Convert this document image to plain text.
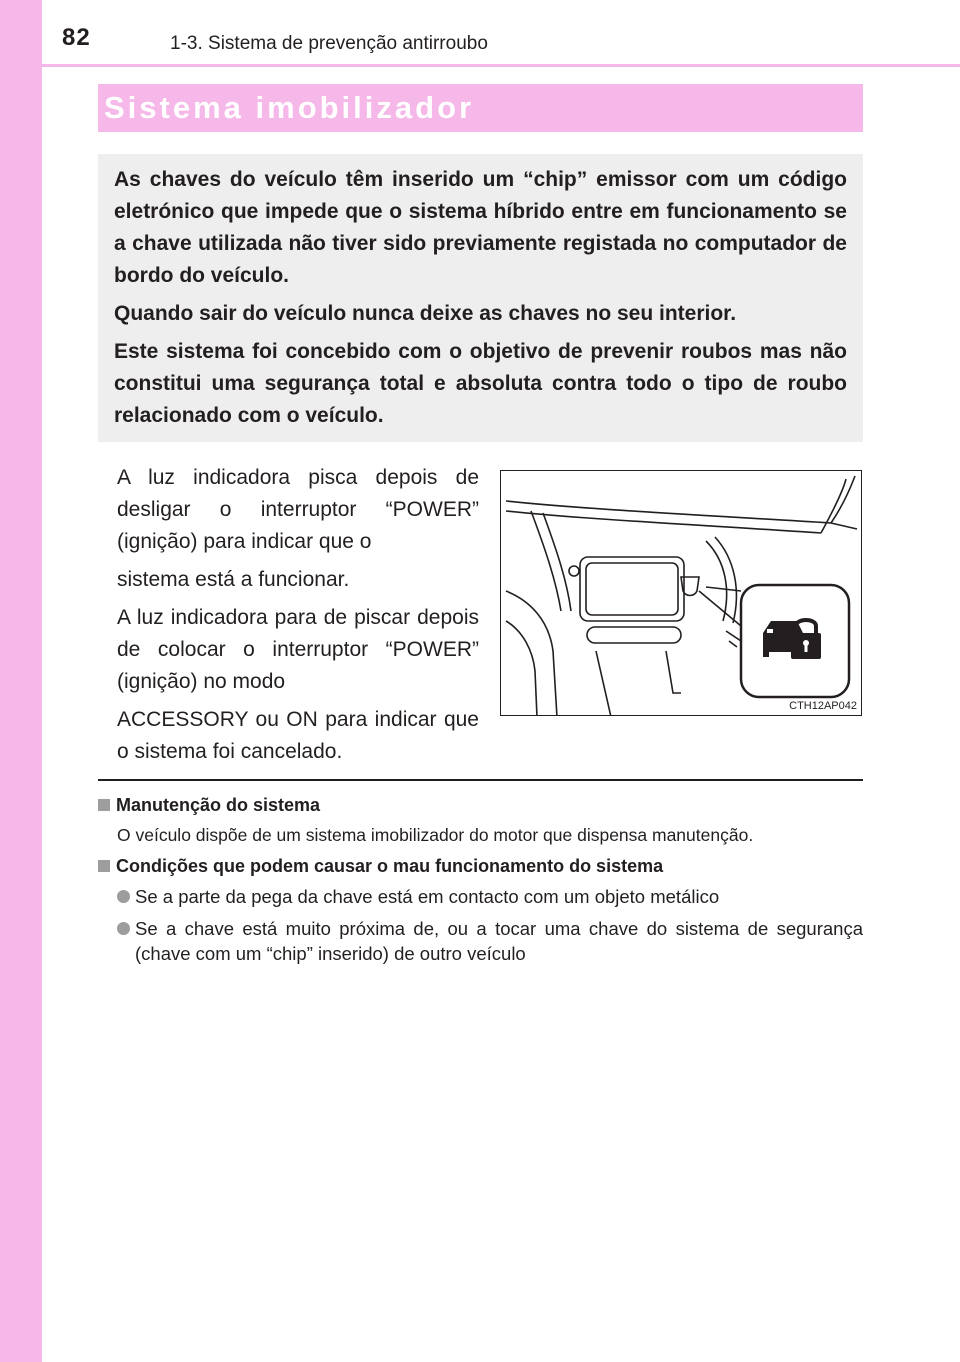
82	1-3. Sistema de prevenção antirroubo
Sistema imobilizador

As chaves do veículo têm inserido um “chip” emissor com um código eletrónico que impede que o sistema híbrido entre em funcionamento se a chave utilizada não tiver sido previamente registada no computador de bordo do veículo.

Quando sair do veículo nunca deixe as chaves no seu interior.

Este sistema foi concebido com o objetivo de prevenir roubos mas não constitui uma segurança total e absoluta contra todo o tipo de roubo relacionado com o veículo.

A luz indicadora pisca depois de desligar o interruptor “POWER” (ignição) para indicar que o

sistema está a funcionar.

A luz indicadora para de piscar depois de colocar o interruptor “POWER” (ignição) no modo

ACCESSORY ou ON para indicar que o sistema foi cancelado.

CTH12AP042
Manutenção do sistema
O veículo dispõe de um sistema imobilizador do motor que dispensa manutenção.
Condições que podem causar o mau funcionamento do sistema
Se a parte da pega da chave está em contacto com um objeto metálico
Se a chave está muito próxima de, ou a tocar uma chave do sistema de segurança (chave com um “chip” inserido) de outro veículo
